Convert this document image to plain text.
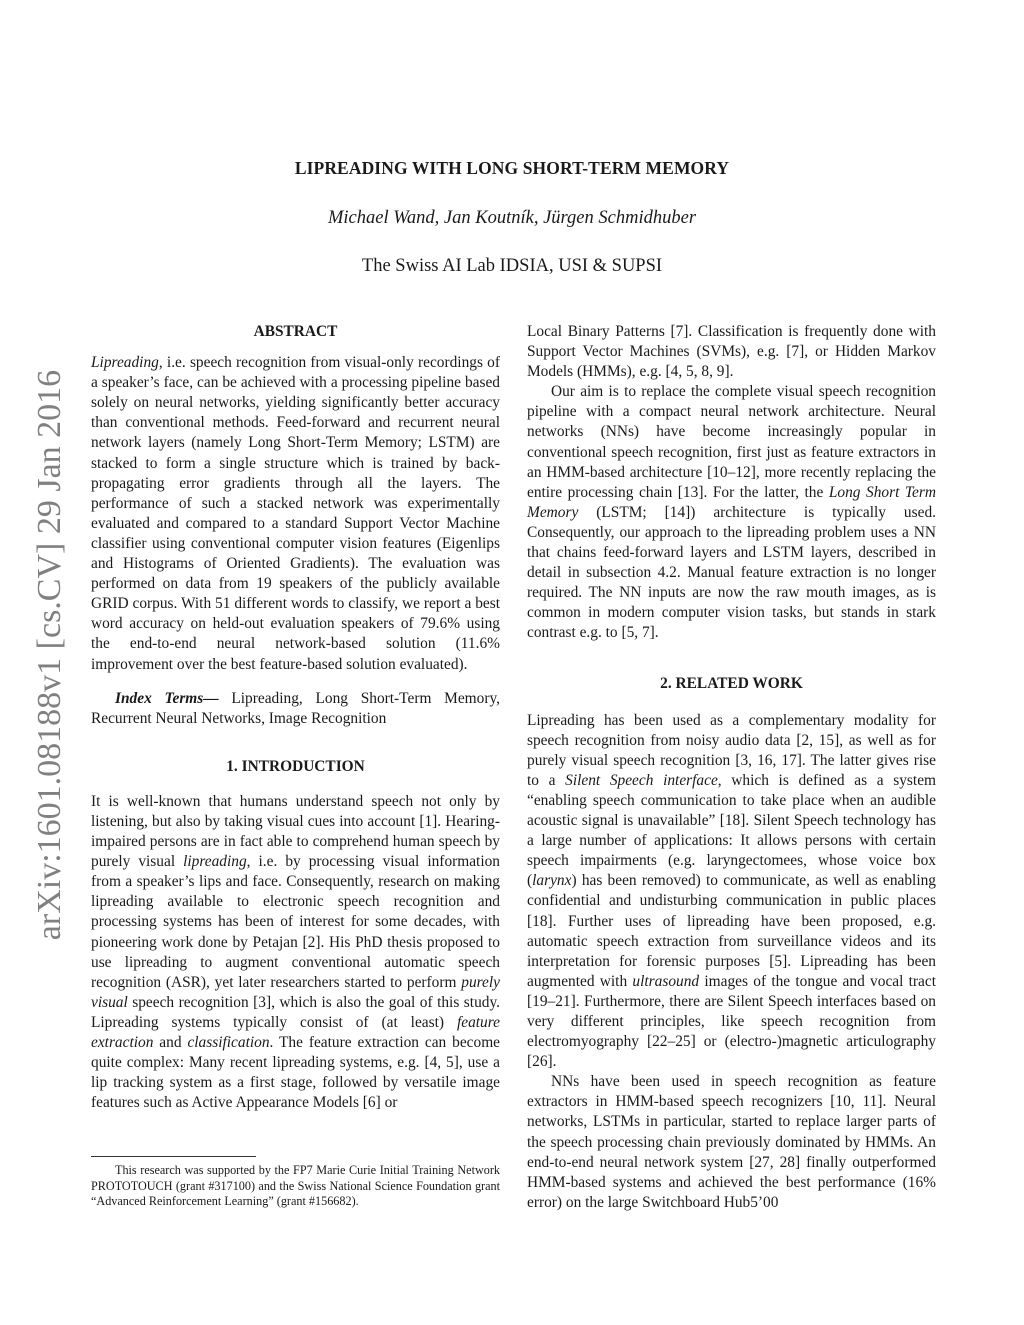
arXiv:1601.08188v1 [cs.CV] 29 Jan 2016
LIPREADING WITH LONG SHORT-TERM MEMORY
Michael Wand, Jan Koutník, Jürgen Schmidhuber
The Swiss AI Lab IDSIA, USI & SUPSI
ABSTRACT

Lipreading, i.e. speech recognition from visual-only recordings of a speaker’s face, can be achieved with a processing pipeline based solely on neural networks, yielding significantly better accuracy than conventional methods. Feed-forward and recurrent neural network layers (namely Long Short-Term Memory; LSTM) are stacked to form a single structure which is trained by back-propagating error gradients through all the layers. The performance of such a stacked network was experimentally evaluated and compared to a standard Support Vector Machine classifier using conventional computer vision features (Eigenlips and Histograms of Oriented Gradients). The evaluation was performed on data from 19 speakers of the publicly available GRID corpus. With 51 different words to classify, we report a best word accuracy on held-out evaluation speakers of 79.6% using the end-to-end neural network-based solution (11.6% improvement over the best feature-based solution evaluated).

Index Terms— Lipreading, Long Short-Term Memory, Recurrent Neural Networks, Image Recognition

1. INTRODUCTION

It is well-known that humans understand speech not only by listening, but also by taking visual cues into account [1]. Hearing-impaired persons are in fact able to comprehend human speech by purely visual lipreading, i.e. by processing visual information from a speaker’s lips and face. Consequently, research on making lipreading available to electronic speech recognition and processing systems has been of interest for some decades, with pioneering work done by Petajan [2]. His PhD thesis proposed to use lipreading to augment conventional automatic speech recognition (ASR), yet later researchers started to perform purely visual speech recognition [3], which is also the goal of this study. Lipreading systems typically consist of (at least) feature extraction and classification. The feature extraction can become quite complex: Many recent lipreading systems, e.g. [4, 5], use a lip tracking system as a first stage, followed by versatile image features such as Active Appearance Models [6] or

This research was supported by the FP7 Marie Curie Initial Training Network PROTOTOUCH (grant #317100) and the Swiss National Science Foundation grant “Advanced Reinforcement Learning” (grant #156682).

Local Binary Patterns [7]. Classification is frequently done with Support Vector Machines (SVMs), e.g. [7], or Hidden Markov Models (HMMs), e.g. [4, 5, 8, 9].

Our aim is to replace the complete visual speech recognition pipeline with a compact neural network architecture. Neural networks (NNs) have become increasingly popular in conventional speech recognition, first just as feature extractors in an HMM-based architecture [10–12], more recently replacing the entire processing chain [13]. For the latter, the Long Short Term Memory (LSTM; [14]) architecture is typically used. Consequently, our approach to the lipreading problem uses a NN that chains feed-forward layers and LSTM layers, described in detail in subsection 4.2. Manual feature extraction is no longer required. The NN inputs are now the raw mouth images, as is common in modern computer vision tasks, but stands in stark contrast e.g. to [5, 7].

2. RELATED WORK

Lipreading has been used as a complementary modality for speech recognition from noisy audio data [2, 15], as well as for purely visual speech recognition [3, 16, 17]. The latter gives rise to a Silent Speech interface, which is defined as a system “enabling speech communication to take place when an audible acoustic signal is unavailable” [18]. Silent Speech technology has a large number of applications: It allows persons with certain speech impairments (e.g. laryngectomees, whose voice box (larynx) has been removed) to communicate, as well as enabling confidential and undisturbing communication in public places [18]. Further uses of lipreading have been proposed, e.g. automatic speech extraction from surveillance videos and its interpretation for forensic purposes [5]. Lipreading has been augmented with ultrasound images of the tongue and vocal tract [19–21]. Furthermore, there are Silent Speech interfaces based on very different principles, like speech recognition from electromyography [22–25] or (electro-)magnetic articulography [26].

NNs have been used in speech recognition as feature extractors in HMM-based speech recognizers [10, 11]. Neural networks, LSTMs in particular, started to replace larger parts of the speech processing chain previously dominated by HMMs. An end-to-end neural network system [27, 28] finally outperformed HMM-based systems and achieved the best performance (16% error) on the large Switchboard Hub5’00
